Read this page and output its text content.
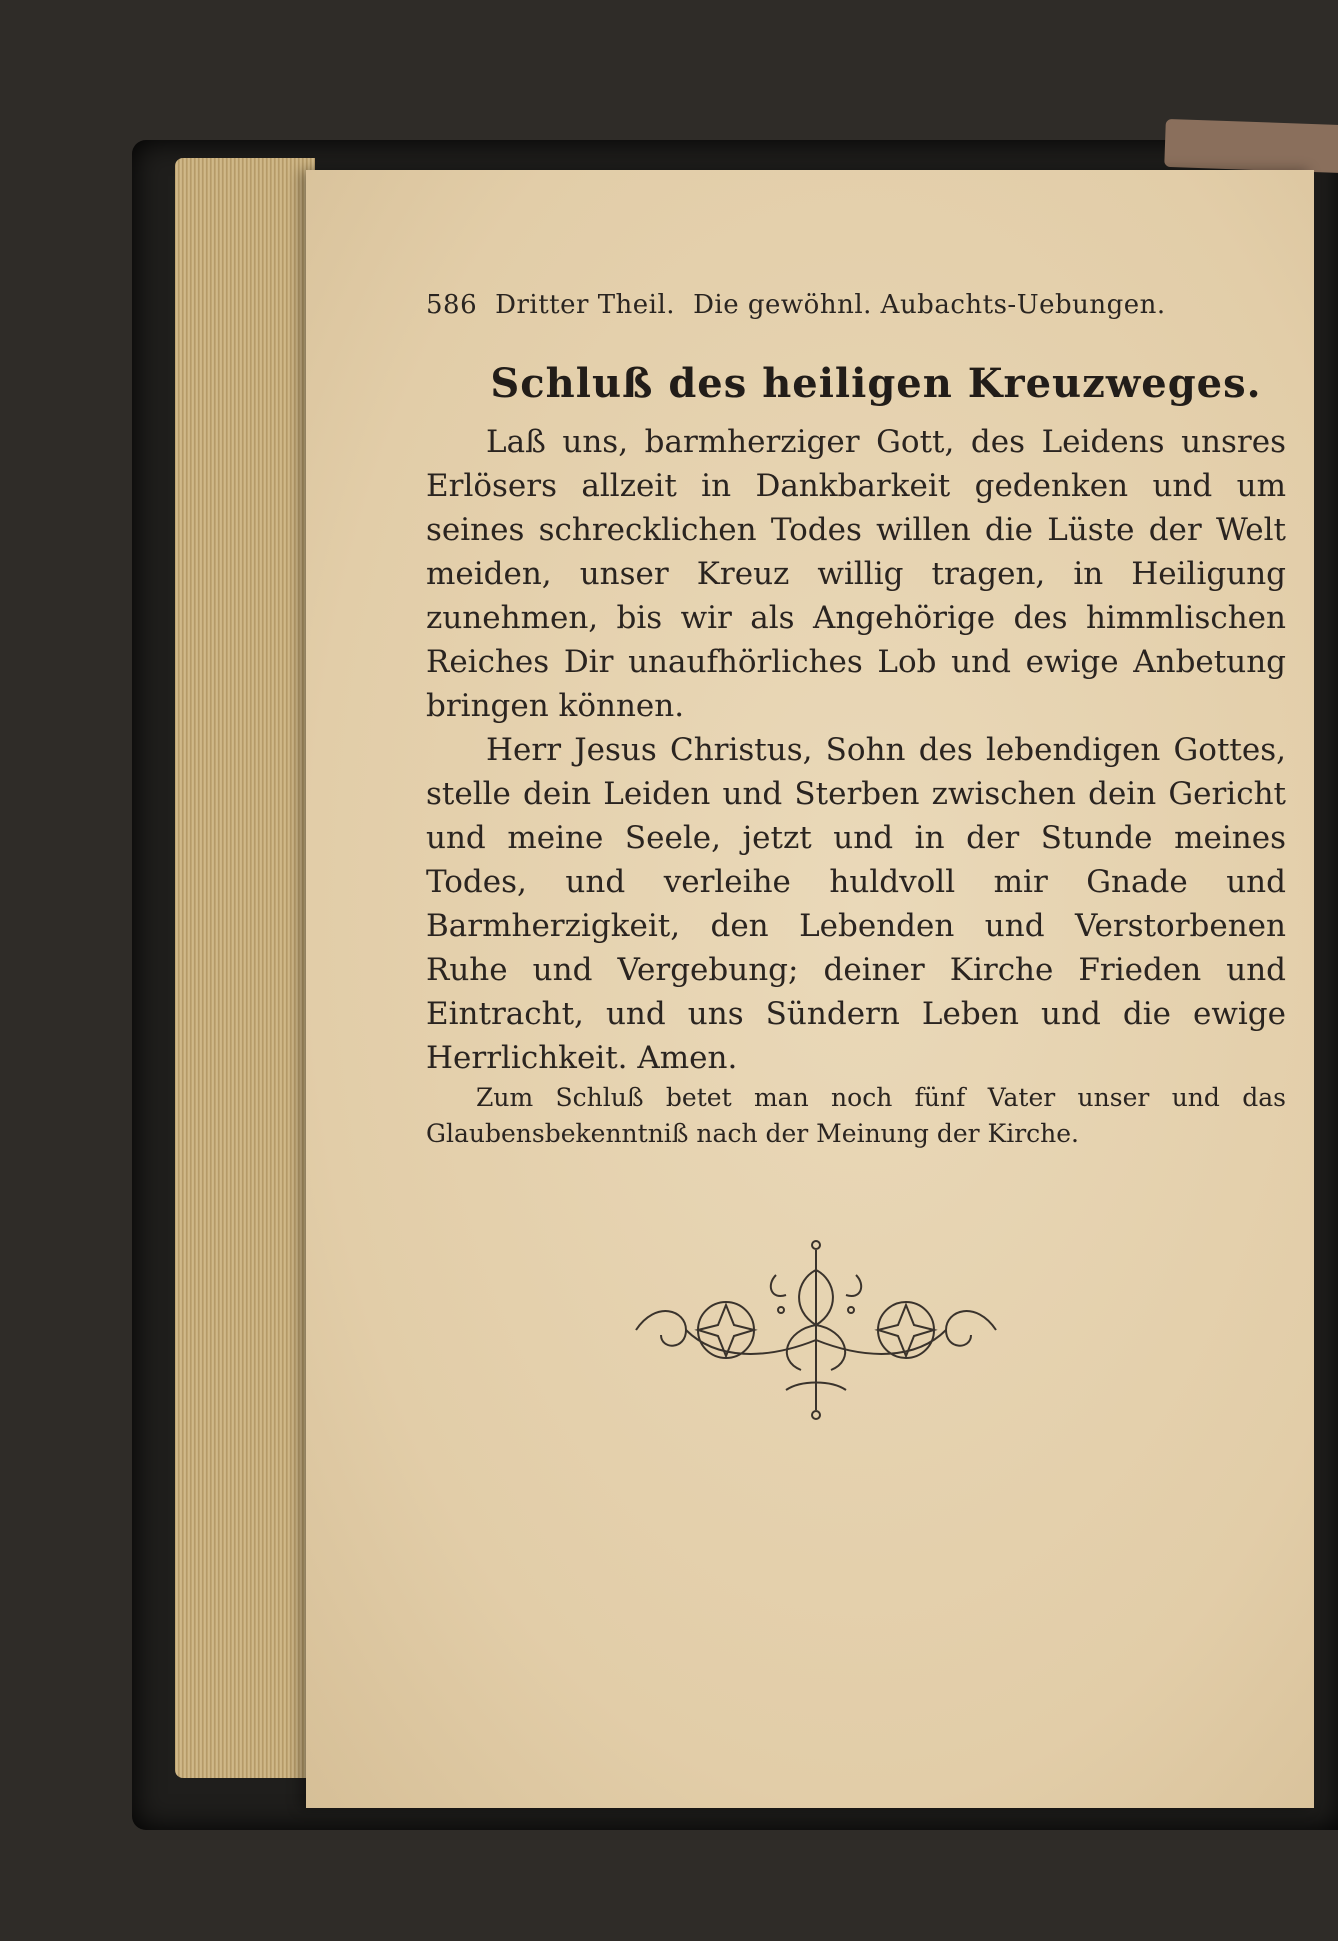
586 Dritter Theil. Die gewöhnl. Aubachts-Uebungen.
Schluß des heiligen Kreuzweges.

Laß uns, barmherziger Gott, des Leidens unsres Erlösers allzeit in Dankbarkeit gedenken und um seines schrecklichen Todes willen die Lüste der Welt meiden, unser Kreuz willig tragen, in Heiligung zunehmen, bis wir als Angehörige des himmlischen Reiches Dir unaufhörliches Lob und ewige Anbetung bringen können.

Herr Jesus Christus, Sohn des lebendigen Gottes, stelle dein Leiden und Sterben zwischen dein Gericht und meine Seele, jetzt und in der Stunde meines Todes, und verleihe huldvoll mir Gnade und Barmherzigkeit, den Lebenden und Verstorbenen Ruhe und Vergebung; deiner Kirche Frieden und Eintracht, und uns Sündern Leben und die ewige Herrlichkeit. Amen.

Zum Schluß betet man noch fünf Vater unser und das Glaubensbekenntniß nach der Meinung der Kirche.
